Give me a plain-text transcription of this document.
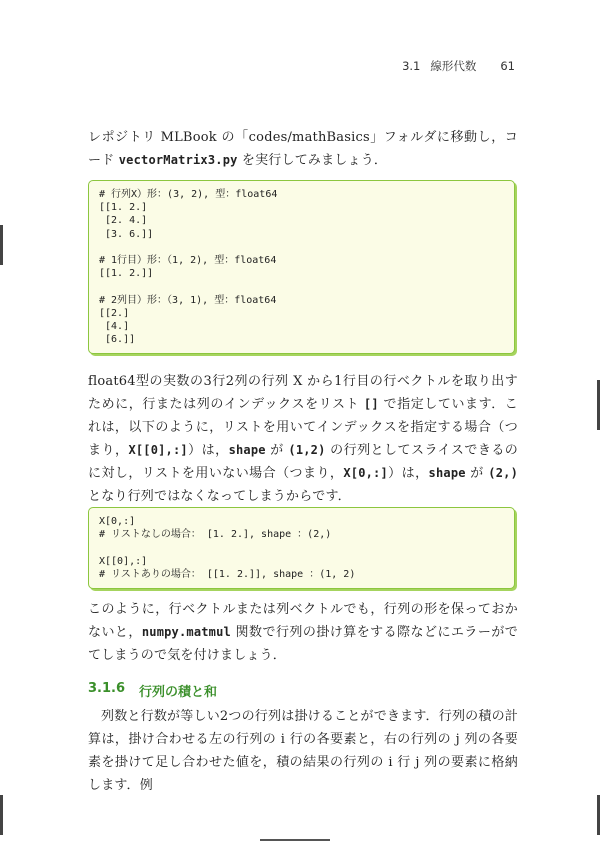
3.1 線形代数 61

レポジトリ MLBook の「codes/mathBasics」フォルダに移動し，コード vectorMatrix3.py を実行してみましょう．

# 行列X）形：(3, 2), 型：float64
[[1. 2.]
[2. 4.]
[3. 6.]]

# 1行目）形：（1, 2), 型：float64
[[1. 2.]]

# 2列目）形：（3, 1), 型：float64
[[2.]
[4.]
[6.]]

float64型の実数の3行2列の行列 X から1行目の行ベクトルを取り出すために，行または列のインデックスをリスト [] で指定しています．これは，以下のように，リストを用いてインデックスを指定する場合（つまり，X[[0],:]）は，shape が (1,2) の行列としてスライスできるのに対し，リストを用いない場合（つまり，X[0,:]）は，shape が (2,) となり行列ではなくなってしまうからです．

X[0,:]
# リストなしの場合： [1. 2.], shape ：(2,)

X[[0],:]
# リストありの場合： [[1. 2.]], shape ：(1, 2)

このように，行ベクトルまたは列ベクトルでも，行列の形を保っておかないと，numpy.matmul 関数で行列の掛け算をする際などにエラーがでてしまうので気を付けましょう．

3.1.6 行列の積と和

列数と行数が等しい2つの行列は掛けることができます．行列の積の計算は，掛け合わせる左の行列の i 行の各要素と，右の行列の j 列の各要素を掛けて足し合わせた値を，積の結果の行列の i 行 j 列の要素に格納します．例
